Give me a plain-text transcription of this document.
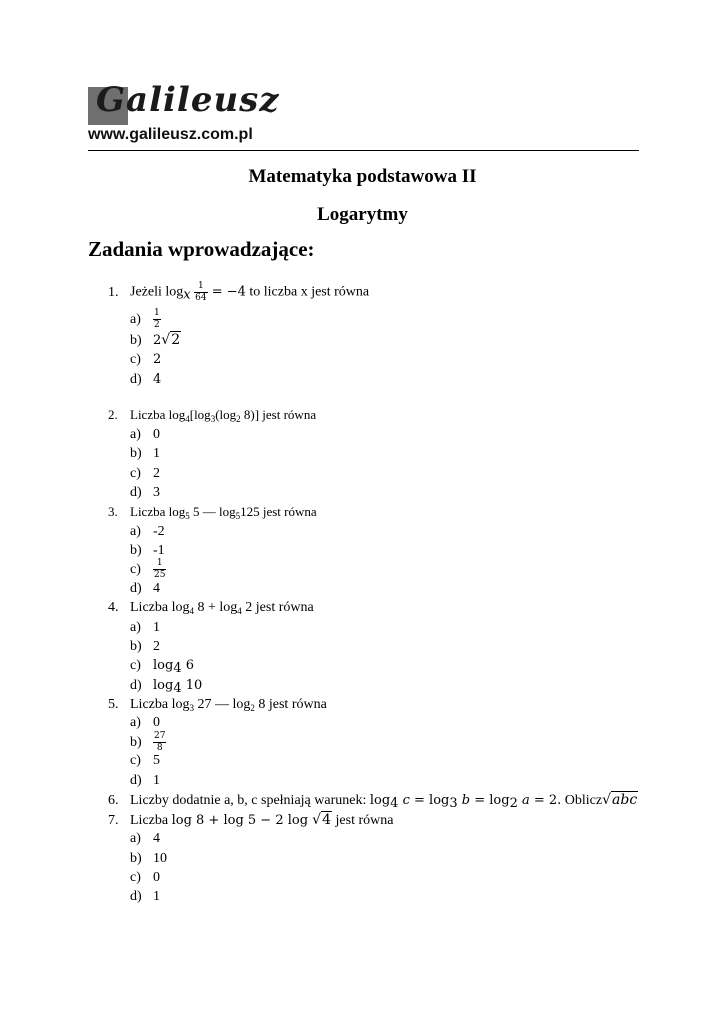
Galileusz
www.galileusz.com.pl
Matematyka podstawowa II
Logarytmy
Zadania wprowadzające:
1. Jeżeli $\log_x \frac{1}{64} = -4$ to liczba x jest równa
$a) \frac{1}{2}$
b) 2√2
c) 2
d) 4
2. Liczba $\log_4[\log_3(\log_2$ 8)] jest równa
a) 0
b) 1
c) 2
d) 3
3. Liczba $\log_5 5$ — $\log_5125$ jest równa
a) -2
b) -1
$c) \frac{1}{25}$
d) 4
4. Liczba $\log_4 8 + \log_4 2$ jest równa
a) 1
b) 2
c) $\log_4 6$
d) $\log_4 10$
5. Liczba $\log_3 27$ — $\log_2 8$ jest równa
a) 0
$b) \frac{27}{8}$
c) 5
d) 1
6. Liczby dodatnie a, b, c spełniają warunek: $\log_4 c = \log_3 b = \log_2 a = 2$. Oblicz√abc
7. Liczba log 8 + log 5 − 2 log √4 jest równa
a) 4
b) 10
c) 0
d) 1
